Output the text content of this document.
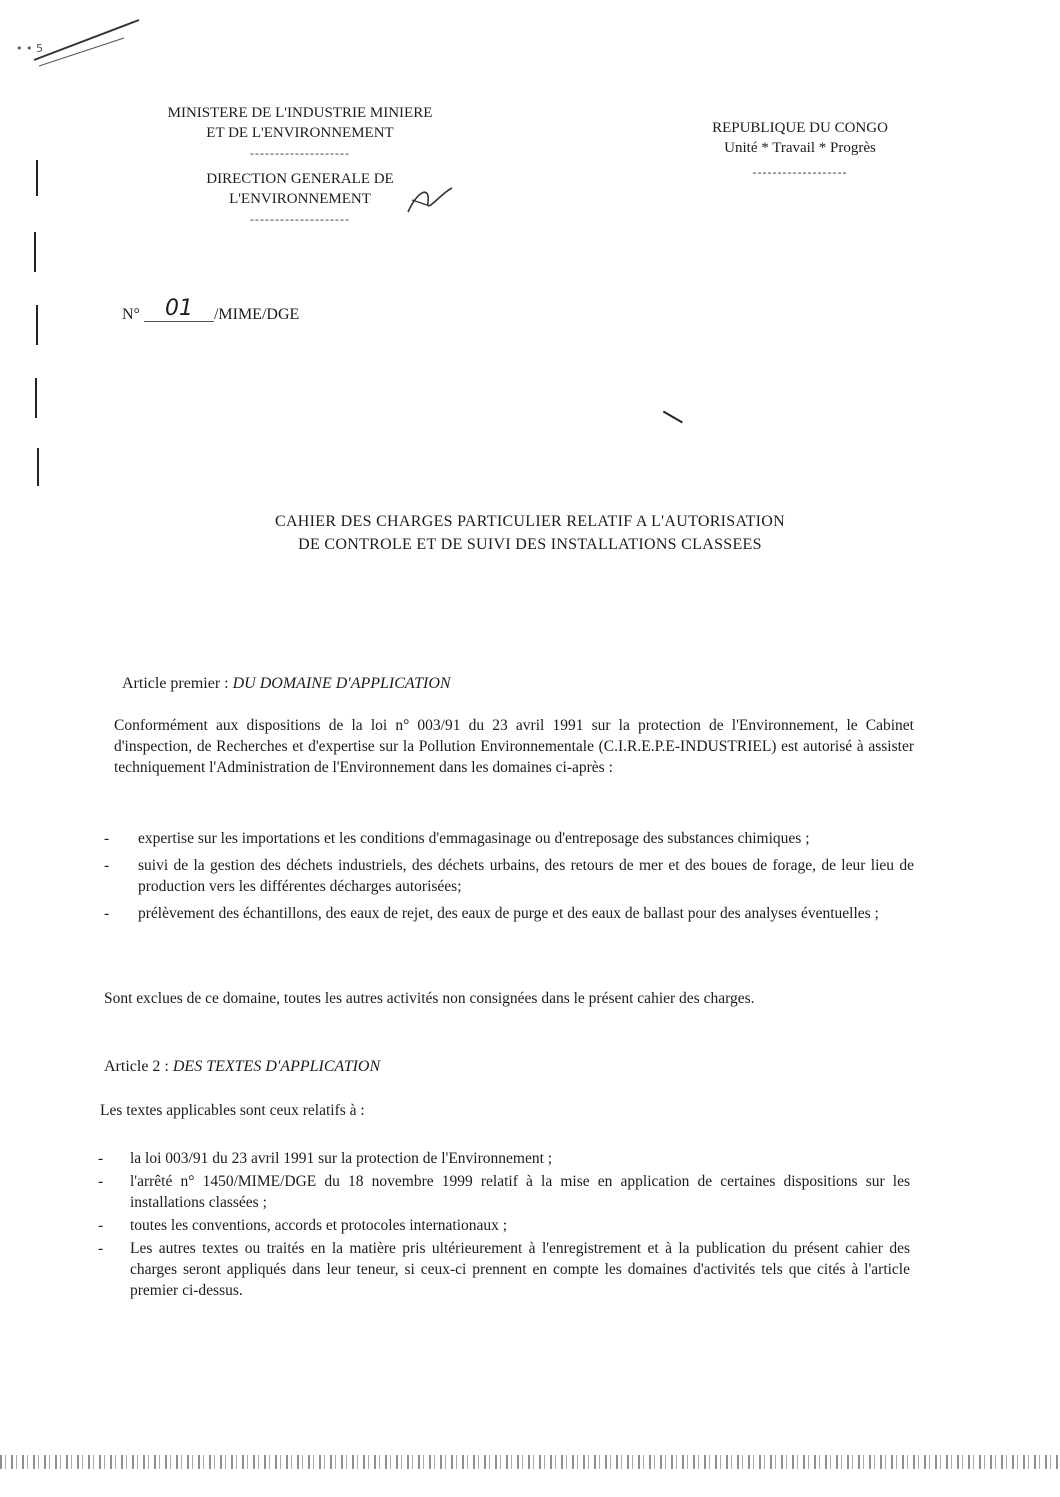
• • 5
MINISTERE DE L'INDUSTRIE MINIERE
ET DE L'ENVIRONNEMENT
--------------------
DIRECTION GENERALE DE
L'ENVIRONNEMENT
--------------------
REPUBLIQUE DU CONGO
Unité * Travail * Progrès
-------------------
N° 01 /MIME/DGE
CAHIER DES CHARGES PARTICULIER RELATIF A L'AUTORISATION
DE CONTROLE ET DE SUIVI DES INSTALLATIONS CLASSEES
Article premier : DU DOMAINE D'APPLICATION
Conformément aux dispositions de la loi n° 003/91 du 23 avril 1991 sur la protection de l'Environnement, le Cabinet d'inspection, de Recherches et d'expertise sur la Pollution Environnementale (C.I.R.E.P.E-INDUSTRIEL) est autorisé à assister techniquement l'Administration de l'Environnement dans les domaines ci-après :
- expertise sur les importations et les conditions d'emmagasinage ou d'entreposage des substances chimiques ;
- suivi de la gestion des déchets industriels, des déchets urbains, des retours de mer et des boues de forage, de leur lieu de production vers les différentes décharges autorisées;
- prélèvement des échantillons, des eaux de rejet, des eaux de purge et des eaux de ballast pour des analyses éventuelles ;
Sont exclues de ce domaine, toutes les autres activités non consignées dans le présent cahier des charges.
Article 2 : DES TEXTES D'APPLICATION
Les textes applicables sont ceux relatifs à :
- la loi 003/91 du 23 avril 1991 sur la protection de l'Environnement ;
- l'arrêté n° 1450/MIME/DGE du 18 novembre 1999 relatif à la mise en application de certaines dispositions sur les installations classées ;
- toutes les conventions, accords et protocoles internationaux ;
- Les autres textes ou traités en la matière pris ultérieurement à l'enregistrement et à la publication du présent cahier des charges seront appliqués dans leur teneur, si ceux-ci prennent en compte les domaines d'activités tels que cités à l'article premier ci-dessus.
